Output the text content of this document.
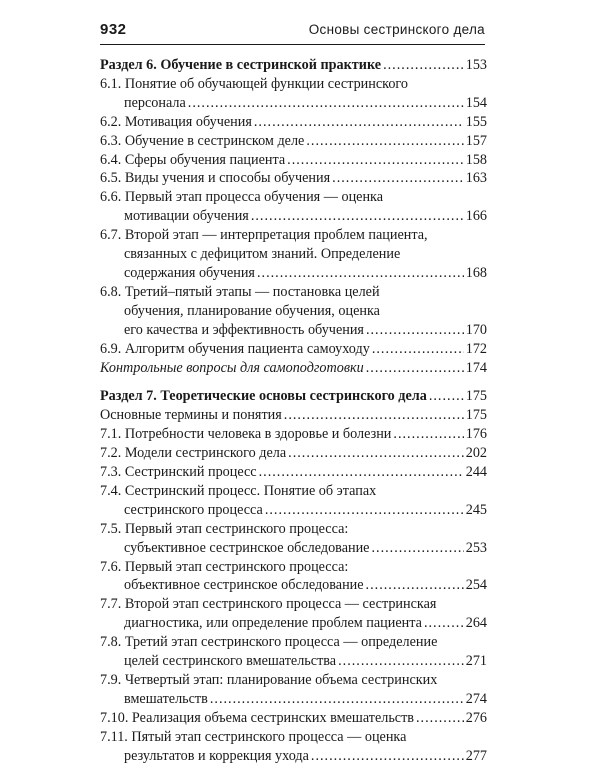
932	Основы сестринского дела
Раздел 6. Обучение в сестринской практике .....	153
6.1. Понятие об обучающей функции сестринского
персонала .....	154
6.2. Мотивация обучения .....	155
6.3. Обучение в сестринском деле .....	157
6.4. Сферы обучения пациента .....	158
6.5. Виды учения и способы обучения .....	163
6.6. Первый этап процесса обучения — оценка
мотивации обучения .....	166
6.7. Второй этап — интерпретация проблем пациента,
связанных с дефицитом знаний. Определение
содержания обучения .....	168
6.8. Третий–пятый этапы — постановка целей
обучения, планирование обучения, оценка
его качества и эффективность обучения .....	170
6.9. Алгоритм обучения пациента самоуходу .....	172
Контрольные вопросы для самоподготовки .....	174
Раздел 7. Теоретические основы сестринского дела .....	175
Основные термины и понятия .....	175
7.1. Потребности человека в здоровье и болезни .....	176
7.2. Модели сестринского дела .....	202
7.3. Сестринский процесс .....	244
7.4. Сестринский процесс. Понятие об этапах
сестринского процесса .....	245
7.5. Первый этап сестринского процесса:
субъективное сестринское обследование .....	253
7.6. Первый этап сестринского процесса:
объективное сестринское обследование .....	254
7.7. Второй этап сестринского процесса — сестринская
диагностика, или определение проблем пациента .....	264
7.8. Третий этап сестринского процесса — определение
целей сестринского вмешательства .....	271
7.9. Четвертый этап: планирование объема сестринских
вмешательств .....	274
7.10. Реализация объема сестринских вмешательств .....	276
7.11. Пятый этап сестринского процесса — оценка
результатов и коррекция ухода .....	277
